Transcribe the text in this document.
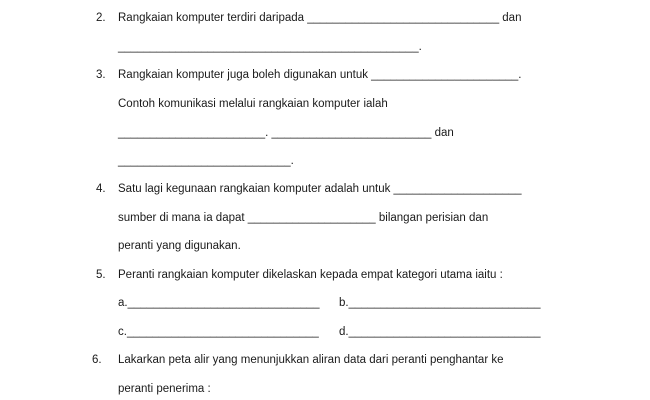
2. Rangkaian komputer terdiri daripada ______________________________ dan
_______________________________________________.
3. Rangkaian komputer juga boleh digunakan untuk _______________________.
Contoh komunikasi melalui rangkaian komputer ialah
_______________________. _________________________ dan
___________________________.
4. Satu lagi kegunaan rangkaian komputer adalah untuk ____________________
sumber di mana ia dapat ____________________ bilangan perisian dan
peranti yang digunakan.
5. Peranti rangkaian komputer dikelaskan kepada empat kategori utama iaitu :
a.______________________________ b.______________________________
c.______________________________ d.______________________________
6. Lakarkan peta alir yang menunjukkan aliran data dari peranti penghantar ke
peranti penerima :
